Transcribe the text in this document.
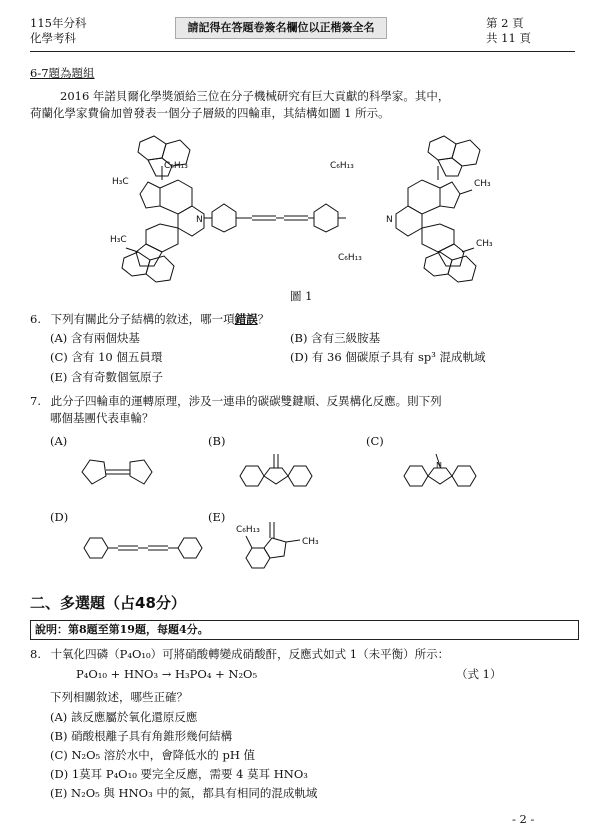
115年分科
化學考科
請記得在答題卷簽名欄位以正楷簽全名	第 2 頁
共 11 頁
6-7題為題組
2016 年諾貝爾化學獎頒給三位在分子機械研究有巨大貢獻的科學家。其中，
荷蘭化學家費倫加曾發表一個分子層級的四輪車，其結構如圖 1 所示。
C₆H₁₃
H₃C
N
H₃C
C₆H₁₃
CH₃
N
CH₃
C₆H₁₃
圖 1
6. 下列有關此分子結構的敘述，哪一項錯誤？
(A) 含有兩個炔基	(B) 含有三級胺基
(C) 含有 10 個五員環	(D) 有 36 個碳原子具有 sp³ 混成軌域
(E) 含有奇數個氫原子
7. 此分子四輪車的運轉原理，涉及一連串的碳碳雙鍵順、反異構化反應。則下列
哪個基團代表車輪？
(A)	(B)	(C)
N
(D)	(E)
C₆H₁₃
CH₃
二、多選題（占48分）
說明：第8題至第19題，每題4分。
8. 十氧化四磷（P₄O₁₀）可將硝酸轉變成硝酸酐，反應式如式 1（未平衡）所示：
P₄O₁₀ + HNO₃ → H₃PO₄ + N₂O₅	（式 1）
下列相關敘述，哪些正確？
(A) 該反應屬於氧化還原反應
(B) 硝酸根離子具有角錐形幾何結構
(C) N₂O₅ 溶於水中，會降低水的 pH 值
(D) 1莫耳 P₄O₁₀ 要完全反應，需要 4 莫耳 HNO₃
(E) N₂O₅ 與 HNO₃ 中的氮，都具有相同的混成軌域
- 2 -
